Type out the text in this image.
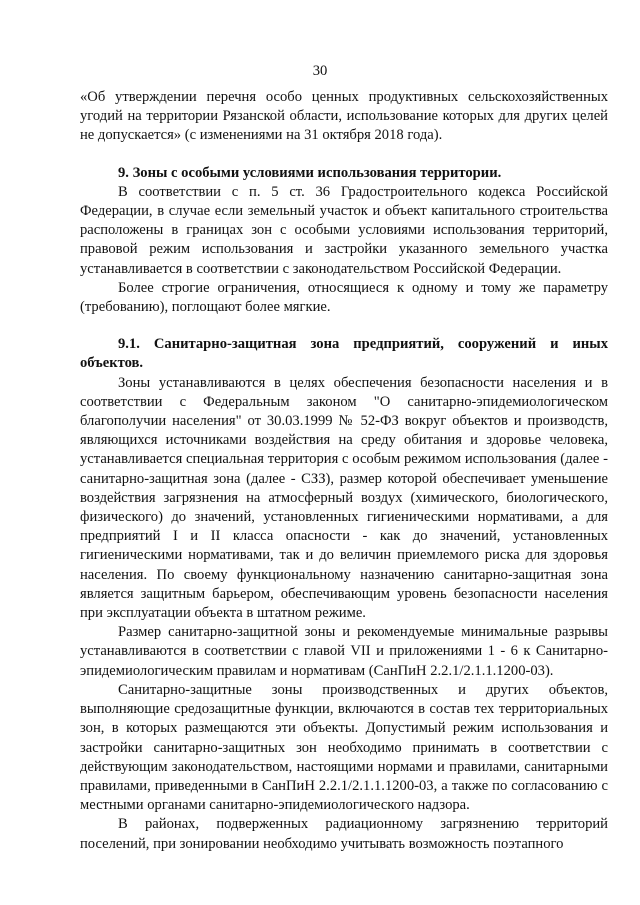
30

«Об утверждении перечня особо ценных продуктивных сельскохозяйственных угодий на территории Рязанской области, использование которых для других целей не допускается» (с изменениями на 31 октября 2018 года).

9. Зоны с особыми условиями использования территории.

В соответствии с п. 5 ст. 36 Градостроительного кодекса Российской Федерации, в случае если земельный участок и объект капитального строительства расположены в границах зон с особыми условиями использования территорий, правовой режим использования и застройки указанного земельного участка устанавливается в соответствии с законодательством Российской Федерации.

Более строгие ограничения, относящиеся к одному и тому же параметру (требованию), поглощают более мягкие.

9.1. Санитарно-защитная зона предприятий, сооружений и иных объектов.

Зоны устанавливаются в целях обеспечения безопасности населения и в соответствии с Федеральным законом "О санитарно-эпидемиологическом благополучии населения" от 30.03.1999 № 52-ФЗ вокруг объектов и производств, являющихся источниками воздействия на среду обитания и здоровье человека, устанавливается специальная территория с особым режимом использования (далее - санитарно-защитная зона (далее - СЗЗ), размер которой обеспечивает уменьшение воздействия загрязнения на атмосферный воздух (химического, биологического, физического) до значений, установленных гигиеническими нормативами, а для предприятий I и II класса опасности - как до значений, установленных гигиеническими нормативами, так и до величин приемлемого риска для здоровья населения. По своему функциональному назначению санитарно-защитная зона является защитным барьером, обеспечивающим уровень безопасности населения при эксплуатации объекта в штатном режиме.

Размер санитарно-защитной зоны и рекомендуемые минимальные разрывы устанавливаются в соответствии с главой VII и приложениями 1 - 6 к Санитарно-эпидемиологическим правилам и нормативам (СанПиН 2.2.1/2.1.1.1200-03).

Санитарно-защитные зоны производственных и других объектов, выполняющие средозащитные функции, включаются в состав тех территориальных зон, в которых размещаются эти объекты. Допустимый режим использования и застройки санитарно-защитных зон необходимо принимать в соответствии с действующим законодательством, настоящими нормами и правилами, санитарными правилами, приведенными в СанПиН 2.2.1/2.1.1.1200-03, а также по согласованию с местными органами санитарно-эпидемиологического надзора.

В районах, подверженных радиационному загрязнению территорий поселений, при зонировании необходимо учитывать возможность поэтапного
